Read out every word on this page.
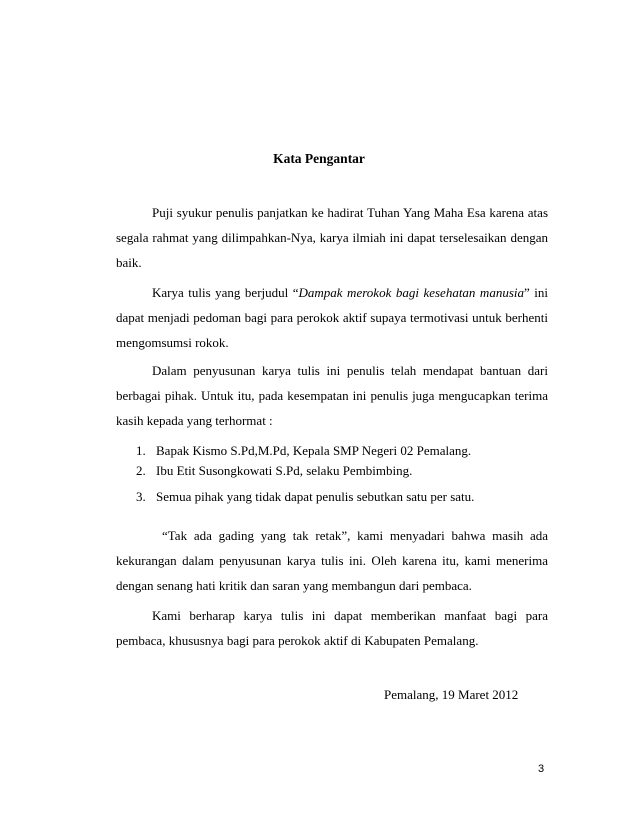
Kata Pengantar

Puji syukur penulis panjatkan ke hadirat Tuhan Yang Maha Esa karena atas segala rahmat yang dilimpahkan-Nya, karya ilmiah ini dapat terselesaikan dengan baik.

Karya tulis yang berjudul “Dampak merokok bagi kesehatan manusia” ini dapat menjadi pedoman bagi para perokok aktif supaya termotivasi untuk berhenti mengomsumsi rokok.

Dalam penyusunan karya tulis ini penulis telah mendapat bantuan dari berbagai pihak. Untuk itu, pada kesempatan ini penulis juga mengucapkan terima kasih kepada yang terhormat :

1. Bapak Kismo S.Pd,M.Pd, Kepala SMP Negeri 02 Pemalang.
2. Ibu Etit Susongkowati S.Pd, selaku Pembimbing.
3. Semua pihak yang tidak dapat penulis sebutkan satu per satu.

“Tak ada gading yang tak retak”, kami menyadari bahwa masih ada kekurangan dalam penyusunan karya tulis ini. Oleh karena itu, kami menerima dengan senang hati kritik dan saran yang membangun dari pembaca.

Kami berharap karya tulis ini dapat memberikan manfaat bagi para pembaca, khususnya bagi para perokok aktif di Kabupaten Pemalang.

Pemalang, 19 Maret 2012
3
